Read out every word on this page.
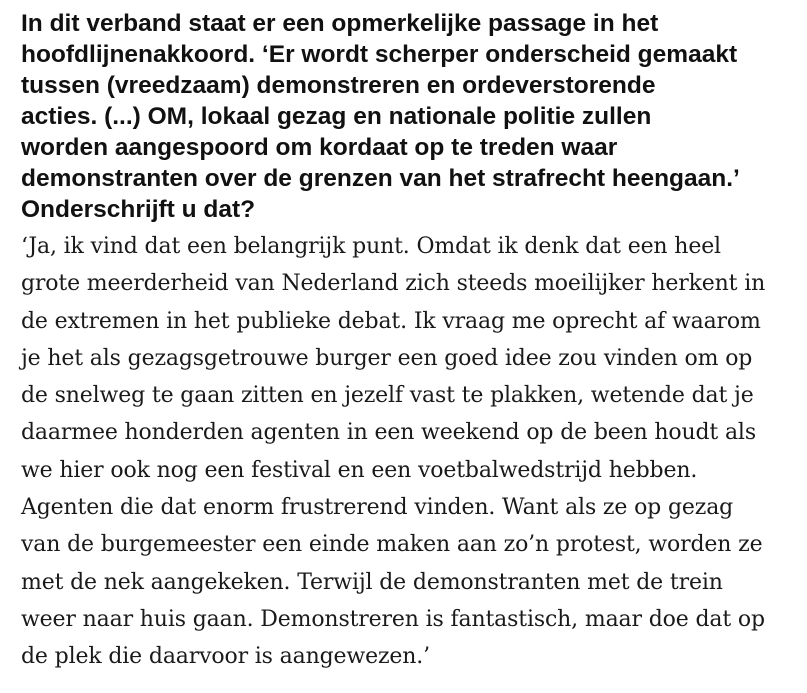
In dit verband staat er een opmerkelijke passage in het
hoofdlijnenakkoord. ‘Er wordt scherper onderscheid gemaakt
tussen (vreedzaam) demonstreren en ordeverstorende
acties. (...) OM, lokaal gezag en nationale politie zullen
worden aangespoord om kordaat op te treden waar
demonstranten over de grenzen van het strafrecht heengaan.’
Onderschrijft u dat?

‘Ja, ik vind dat een belangrijk punt. Omdat ik denk dat een heel
grote meerderheid van Nederland zich steeds moeilijker herkent in
de extremen in het publieke debat. Ik vraag me oprecht af waarom
je het als gezagsgetrouwe burger een goed idee zou vinden om op
de snelweg te gaan zitten en jezelf vast te plakken, wetende dat je
daarmee honderden agenten in een weekend op de been houdt als
we hier ook nog een festival en een voetbalwedstrijd hebben.
Agenten die dat enorm frustrerend vinden. Want als ze op gezag
van de burgemeester een einde maken aan zo’n protest, worden ze
met de nek aangekeken. Terwijl de demonstranten met de trein
weer naar huis gaan. Demonstreren is fantastisch, maar doe dat op
de plek die daarvoor is aangewezen.’
